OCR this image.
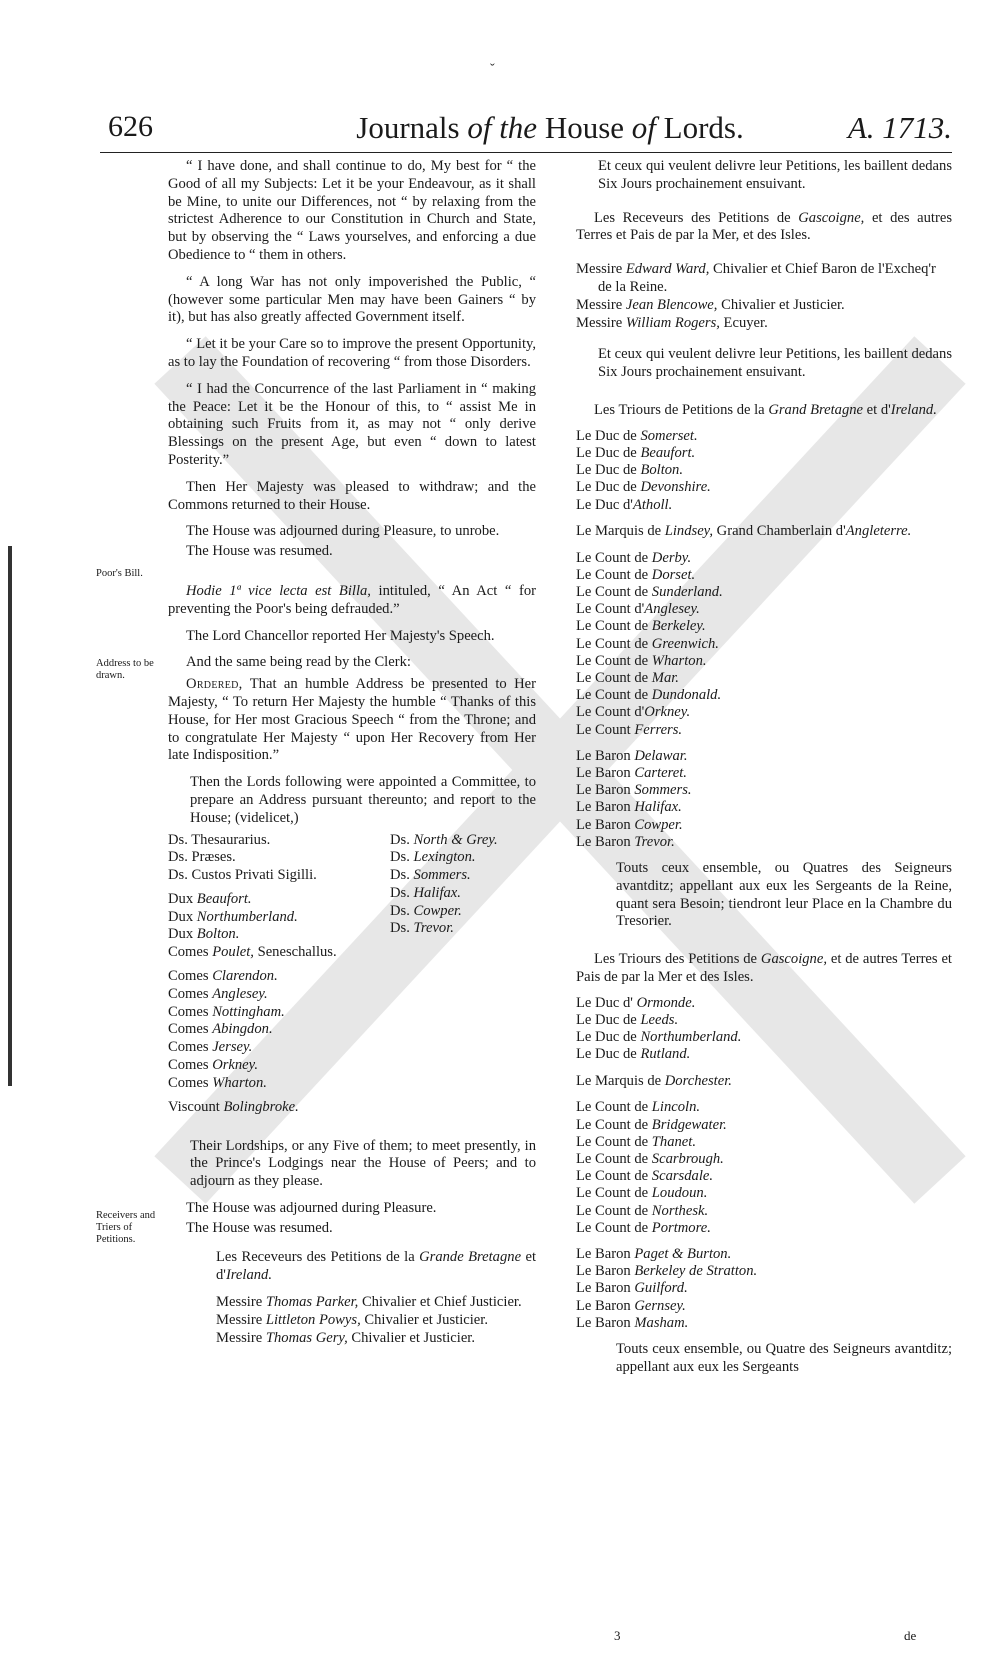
ˇ
626	Journals of the House of Lords.	A. 1713.
Poor's Bill.
Address to be drawn.
Receivers and Triers of Petitions.

“ I have done, and shall continue to do, My best for “ the Good of all my Subjects: Let it be your Endeavour, as it shall be Mine, to unite our Differences, not “ by relaxing from the strictest Adherence to our Constitution in Church and State, but by observing the “ Laws yourselves, and enforcing a due Obedience to “ them in others.

“ A long War has not only impoverished the Public, “ (however some particular Men may have been Gainers “ by it), but has also greatly affected Government itself.

“ Let it be your Care so to improve the present Opportunity, as to lay the Foundation of recovering “ from those Disorders.

“ I had the Concurrence of the last Parliament in “ making the Peace: Let it be the Honour of this, to “ assist Me in obtaining such Fruits from it, as may not “ only derive Blessings on the present Age, but even “ down to latest Posterity.”

Then Her Majesty was pleased to withdraw; and the Commons returned to their House.

The House was adjourned during Pleasure, to unrobe.

The House was resumed.

Hodie 1ª vice lecta est Billa, intituled, “ An Act “ for preventing the Poor's being defrauded.”

The Lord Chancellor reported Her Majesty's Speech.

And the same being read by the Clerk:

Ordered, That an humble Address be presented to Her Majesty, “ To return Her Majesty the humble “ Thanks of this House, for Her most Gracious Speech “ from the Throne; and to congratulate Her Majesty “ upon Her Recovery from Her late Indisposition.”

Then the Lords following were appointed a Committee, to prepare an Address pursuant thereunto; and report to the House; (videlicet,)

Ds. Thesaurarius.
Ds. Præses.
Ds. Custos Privati Sigilli.
Dux Beaufort.
Dux Northumberland.
Dux Bolton.
Comes Poulet, Seneschallus.
Comes Clarendon.
Comes Anglesey.
Comes Nottingham.
Comes Abingdon.
Comes Jersey.
Comes Orkney.
Comes Wharton.
Viscount Bolingbroke.
Ds. North & Grey.
Ds. Lexington.
Ds. Sommers.
Ds. Halifax.
Ds. Cowper.
Ds. Trevor.

Their Lordships, or any Five of them; to meet presently, in the Prince's Lodgings near the House of Peers; and to adjourn as they please.

The House was adjourned during Pleasure.

The House was resumed.

Les Receveurs des Petitions de la Grande Bretagne et d'Ireland.

Messire Thomas Parker, Chivalier et Chief Justicier.
Messire Littleton Powys, Chivalier et Justicier.
Messire Thomas Gery, Chivalier et Justicier.

Et ceux qui veulent delivre leur Petitions, les baillent dedans Six Jours prochainement ensuivant.

Les Receveurs des Petitions de Gascoigne, et des autres Terres et Pais de par la Mer, et des Isles.

Messire Edward Ward, Chivalier et Chief Baron de l'Excheq'r de la Reine.
Messire Jean Blencowe, Chivalier et Justicier.
Messire William Rogers, Ecuyer.

Et ceux qui veulent delivre leur Petitions, les baillent dedans Six Jours prochainement ensuivant.

Les Triours de Petitions de la Grand Bretagne et d'Ireland.

Le Duc de Somerset.
Le Duc de Beaufort.
Le Duc de Bolton.
Le Duc de Devonshire.
Le Duc d'Atholl.

Le Marquis de Lindsey, Grand Chamberlain d'Angleterre.

Le Count de Derby.
Le Count de Dorset.
Le Count de Sunderland.
Le Count d'Anglesey.
Le Count de Berkeley.
Le Count de Greenwich.
Le Count de Wharton.
Le Count de Mar.
Le Count de Dundonald.
Le Count d'Orkney.
Le Count Ferrers.
Le Baron Delawar.
Le Baron Carteret.
Le Baron Sommers.
Le Baron Halifax.
Le Baron Cowper.
Le Baron Trevor.

Touts ceux ensemble, ou Quatres des Seigneurs avantditz; appellant aux eux les Sergeants de la Reine, quant sera Besoin; tiendront leur Place en la Chambre du Tresorier.

Les Triours des Petitions de Gascoigne, et de autres Terres et Pais de par la Mer et des Isles.

Le Duc d' Ormonde.
Le Duc de Leeds.
Le Duc de Northumberland.
Le Duc de Rutland.

Le Marquis de Dorchester.

Le Count de Lincoln.
Le Count de Bridgewater.
Le Count de Thanet.
Le Count de Scarbrough.
Le Count de Scarsdale.
Le Count de Loudoun.
Le Count de Northesk.
Le Count de Portmore.
Le Baron Paget & Burton.
Le Baron Berkeley de Stratton.
Le Baron Guilford.
Le Baron Gernsey.
Le Baron Masham.

Touts ceux ensemble, ou Quatre des Seigneurs avantditz; appellant aux eux les Sergeants

3	de
